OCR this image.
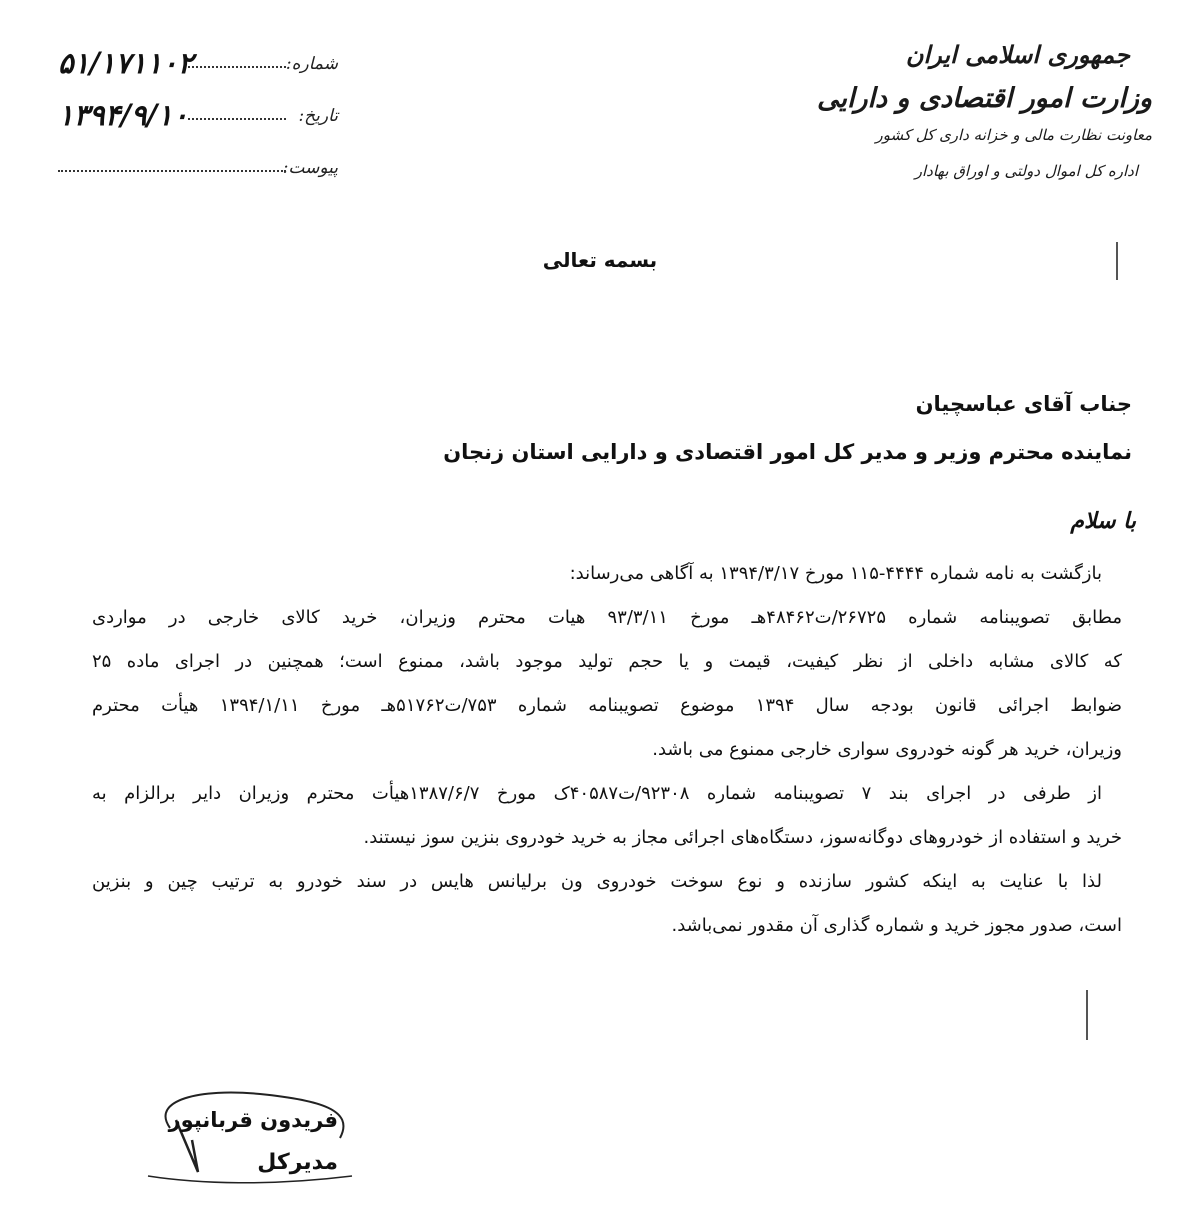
جمهوری اسلامی ایران
وزارت امور اقتصادی و دارایی
معاونت نظارت مالی و خزانه داری کل کشور
اداره کل اموال دولتی و اوراق بهادار
شماره:
۵۱/۱۷۱۱۰۲
تاریخ:
۱۳۹۴/۹/۱۰
پیوست:
بسمه تعالی
جناب آقای عباسچیان
نماینده محترم وزیر و مدیر کل امور اقتصادی و دارایی استان زنجان
با سلام
بازگشت به نامه شماره ۴۴۴۴-۱۱۵ مورخ ۱۳۹۴/۳/۱۷ به آگاهی می‌رساند:
مطابق تصویبنامه شماره ۲۶۷۲۵/ت۴۸۴۶۲هـ مورخ ۹۳/۳/۱۱ هیات محترم وزیران، خرید کالای خارجی در مواردی
که کالای مشابه داخلی از نظر کیفیت، قیمت و یا حجم تولید موجود باشد، ممنوع است؛ همچنین در اجرای ماده ۲۵
ضوابط اجرائی قانون بودجه سال ۱۳۹۴ موضوع تصویبنامه شماره ۷۵۳/ت۵۱۷۶۲هـ مورخ ۱۳۹۴/۱/۱۱ هیأت محترم
وزیران، خرید هر گونه خودروی سواری خارجی ممنوع می باشد.
از طرفی در اجرای بند ۷ تصویبنامه شماره ۹۲۳۰۸/ت۴۰۵۸۷ک مورخ ۱۳۸۷/۶/۷هیأت محترم وزیران دایر برالزام به
خرید و استفاده از خودروهای دوگانه‌سوز، دستگاه‌های اجرائی مجاز به خرید خودروی بنزین سوز نیستند.
لذا با عنایت به اینکه کشور سازنده و نوع سوخت خودروی ون برلیانس هایس در سند خودرو به ترتیب چین و بنزین
است، صدور مجوز خرید و شماره گذاری آن مقدور نمی‌باشد.
فریدون قربانپور
مدیرکل
